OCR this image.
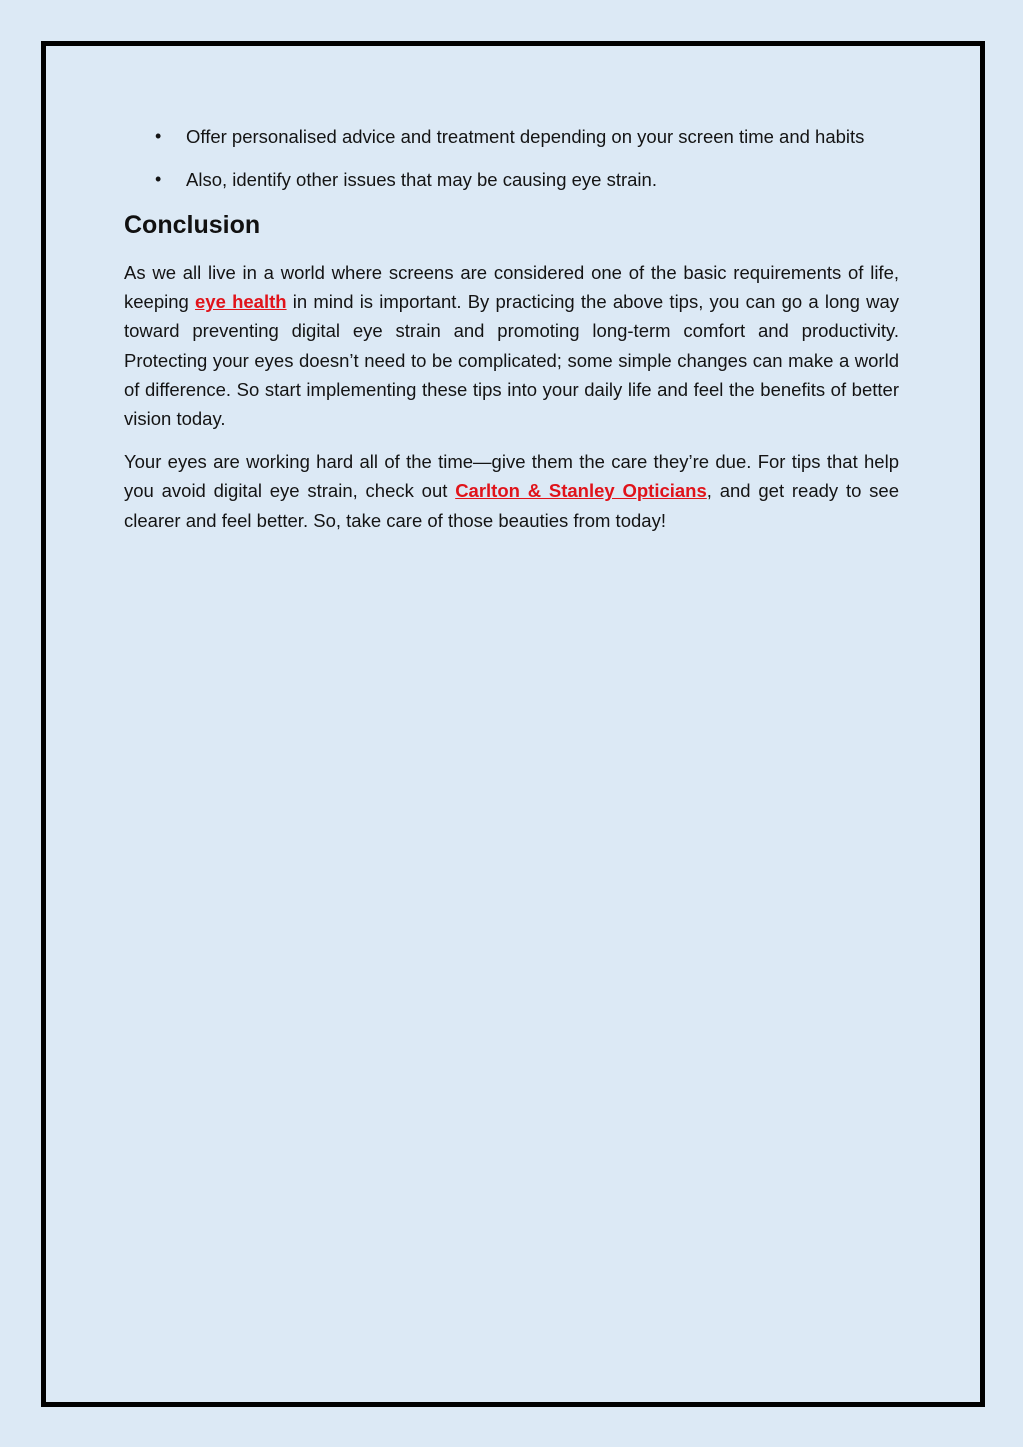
• Offer personalised advice and treatment depending on your screen time and habits
• Also, identify other issues that may be causing eye strain.
Conclusion

As we all live in a world where screens are considered one of the basic requirements of life, keeping eye health in mind is important. By practicing the above tips, you can go a long way toward preventing digital eye strain and promoting long-term comfort and productivity. Protecting your eyes doesn’t need to be complicated; some simple changes can make a world of difference. So start implementing these tips into your daily life and feel the benefits of better vision today.

Your eyes are working hard all of the time—give them the care they’re due. For tips that help you avoid digital eye strain, check out Carlton & Stanley Opticians, and get ready to see clearer and feel better. So, take care of those beauties from today!
